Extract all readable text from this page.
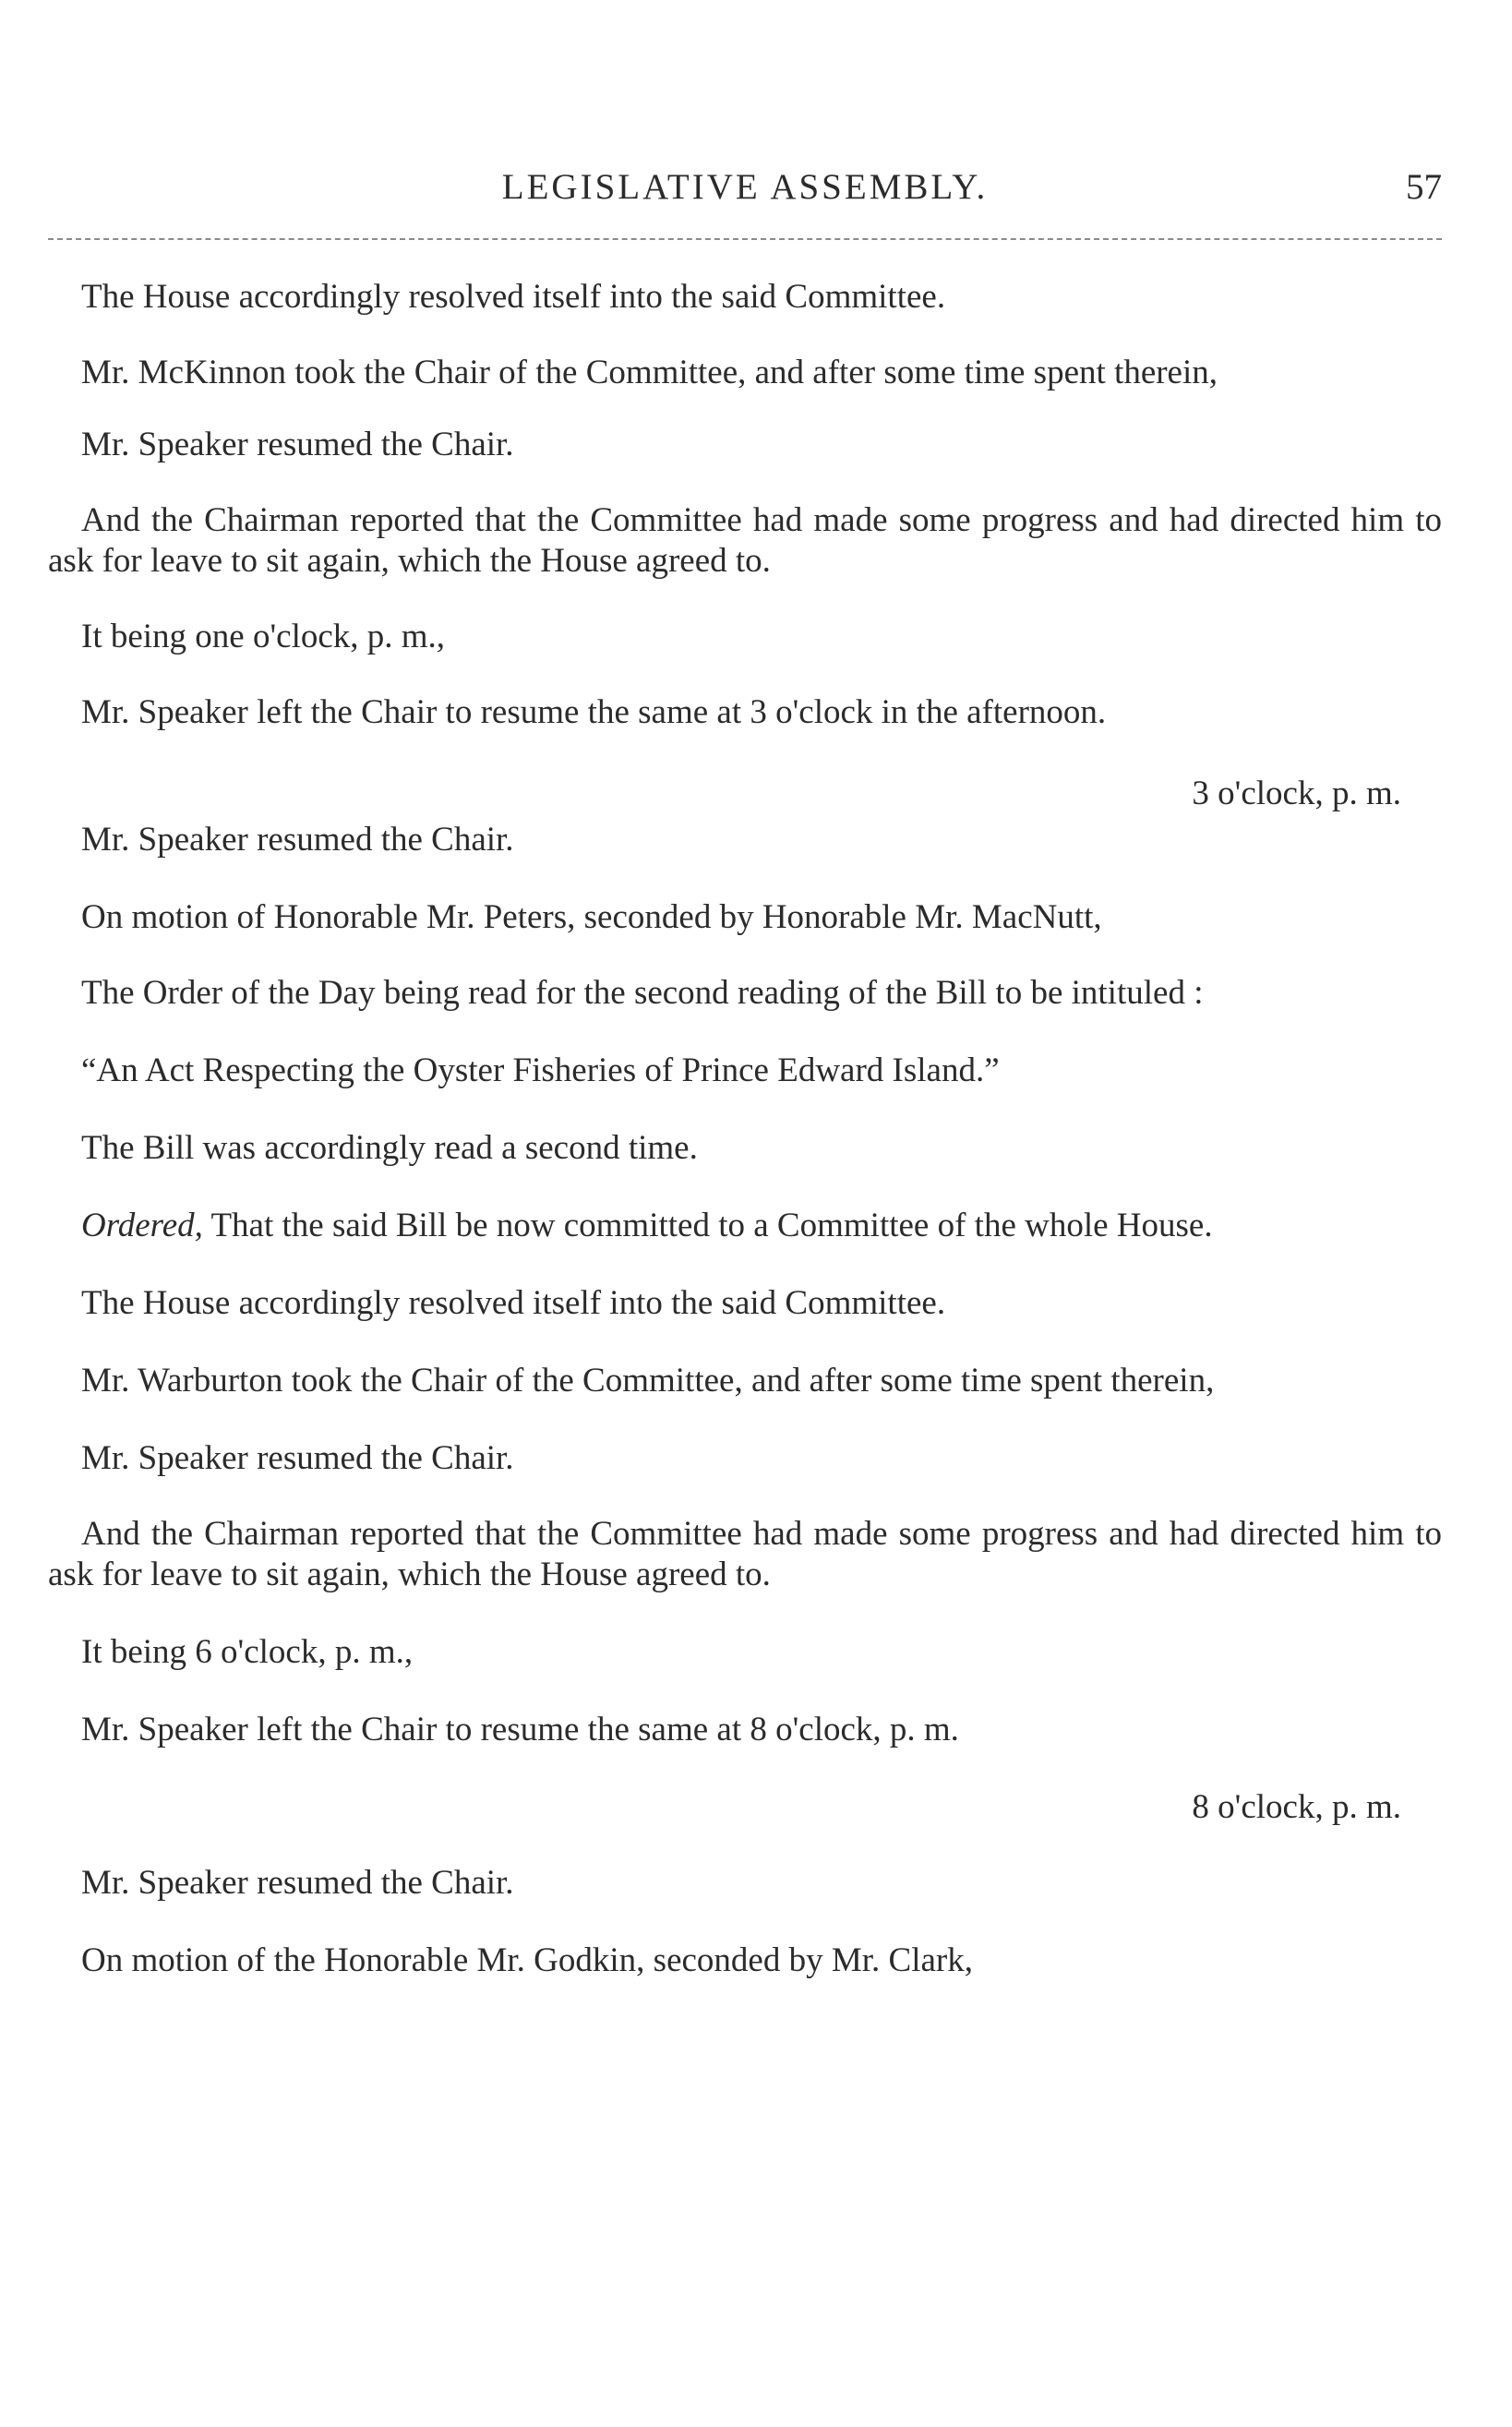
LEGISLATIVE ASSEMBLY.	57

The House accordingly resolved itself into the said Committee.

Mr. McKinnon took the Chair of the Committee, and after some time spent therein,

Mr. Speaker resumed the Chair.

And the Chairman reported that the Committee had made some progress and had directed him to ask for leave to sit again, which the House agreed to.

It being one o'clock, p. m.,

Mr. Speaker left the Chair to resume the same at 3 o'clock in the afternoon.

3 o'clock, p. m.

Mr. Speaker resumed the Chair.

On motion of Honorable Mr. Peters, seconded by Honorable Mr. MacNutt,

The Order of the Day being read for the second reading of the Bill to be intituled :

“An Act Respecting the Oyster Fisheries of Prince Edward Island.”

The Bill was accordingly read a second time.

Ordered, That the said Bill be now committed to a Committee of the whole House.

The House accordingly resolved itself into the said Committee.

Mr. Warburton took the Chair of the Committee, and after some time spent therein,

Mr. Speaker resumed the Chair.

And the Chairman reported that the Committee had made some progress and had directed him to ask for leave to sit again, which the House agreed to.

It being 6 o'clock, p. m.,

Mr. Speaker left the Chair to resume the same at 8 o'clock, p. m.

8 o'clock, p. m.

Mr. Speaker resumed the Chair.

On motion of the Honorable Mr. Godkin, seconded by Mr. Clark,
